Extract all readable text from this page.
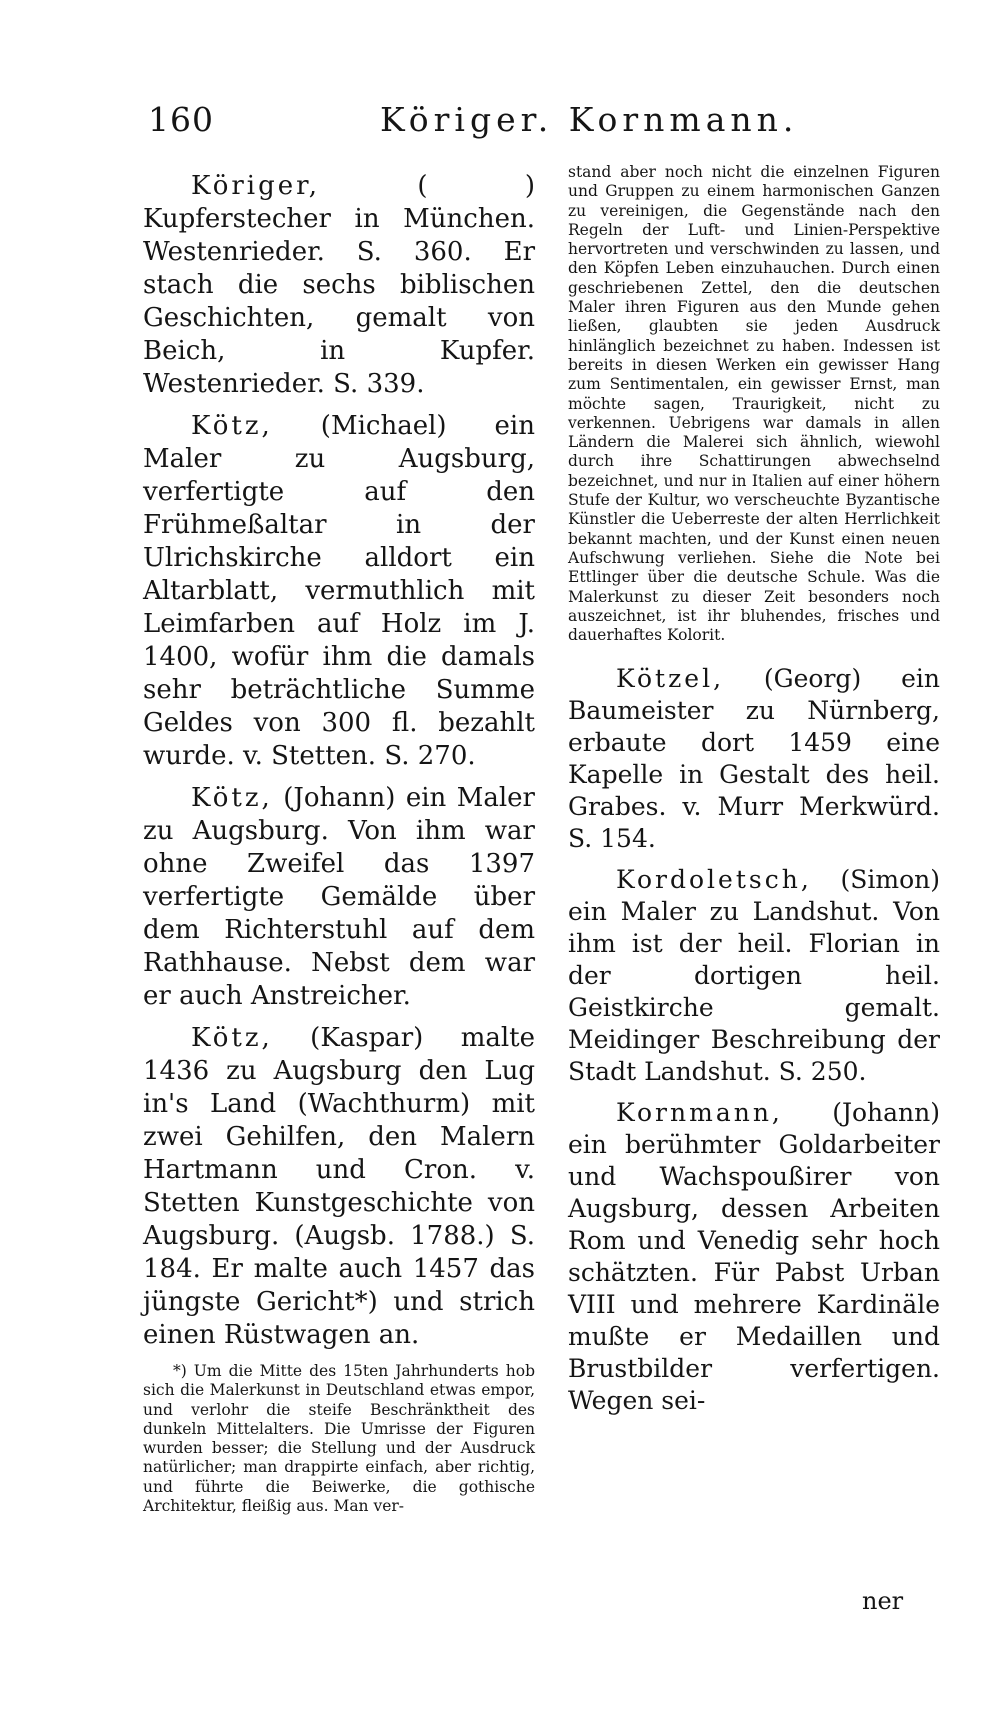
160	Köriger. Kornmann.

Köriger, ( ) Kupferstecher in München. Westenrieder. S. 360. Er stach die sechs biblischen Geschichten, gemalt von Beich, in Kupfer. Westenrieder. S. 339.

Kötz, (Michael) ein Maler zu Augsburg, verfertigte auf den Frühmeßaltar in der Ulrichskirche alldort ein Altarblatt, vermuthlich mit Leimfarben auf Holz im J. 1400, wofür ihm die damals sehr beträchtliche Summe Geldes von 300 fl. bezahlt wurde. v. Stetten. S. 270.

Kötz, (Johann) ein Maler zu Augsburg. Von ihm war ohne Zweifel das 1397 verfertigte Gemälde über dem Richterstuhl auf dem Rathhause. Nebst dem war er auch Anstreicher.

Kötz, (Kaspar) malte 1436 zu Augsburg den Lug in's Land (Wachthurm) mit zwei Gehilfen, den Malern Hartmann und Cron. v. Stetten Kunstgeschichte von Augsburg. (Augsb. 1788.) S. 184. Er malte auch 1457 das jüngste Gericht*) und strich einen Rüstwagen an.

*) Um die Mitte des 15ten Jahrhunderts hob sich die Malerkunst in Deutschland etwas empor, und verlohr die steife Beschränktheit des dunkeln Mittelalters. Die Umrisse der Figuren wurden besser; die Stellung und der Ausdruck natürlicher; man drappirte einfach, aber richtig, und führte die Beiwerke, die gothische Architektur, fleißig aus. Man ver-

stand aber noch nicht die einzelnen Figuren und Gruppen zu einem harmonischen Ganzen zu vereinigen, die Gegenstände nach den Regeln der Luft- und Linien-Perspektive hervortreten und verschwinden zu lassen, und den Köpfen Leben einzuhauchen. Durch einen geschriebenen Zettel, den die deutschen Maler ihren Figuren aus den Munde gehen ließen, glaubten sie jeden Ausdruck hinlänglich bezeichnet zu haben. Indessen ist bereits in diesen Werken ein gewisser Hang zum Sentimentalen, ein gewisser Ernst, man möchte sagen, Traurigkeit, nicht zu verkennen. Uebrigens war damals in allen Ländern die Malerei sich ähnlich, wiewohl durch ihre Schattirungen abwechselnd bezeichnet, und nur in Italien auf einer höhern Stufe der Kultur, wo verscheuchte Byzantische Künstler die Ueberreste der alten Herrlichkeit bekannt machten, und der Kunst einen neuen Aufschwung verliehen. Siehe die Note bei Ettlinger über die deutsche Schule. Was die Malerkunst zu dieser Zeit besonders noch auszeichnet, ist ihr bluhendes, frisches und dauerhaftes Kolorit.

Kötzel, (Georg) ein Baumeister zu Nürnberg, erbaute dort 1459 eine Kapelle in Gestalt des heil. Grabes. v. Murr Merkwürd. S. 154.

Kordoletsch, (Simon) ein Maler zu Landshut. Von ihm ist der heil. Florian in der dortigen heil. Geistkirche gemalt. Meidinger Beschreibung der Stadt Landshut. S. 250.

Kornmann, (Johann) ein berühmter Goldarbeiter und Wachspoußirer von Augsburg, dessen Arbeiten Rom und Venedig sehr hoch schätzten. Für Pabst Urban VIII und mehrere Kardinäle mußte er Medaillen und Brustbilder verfertigen. Wegen sei-

ner
